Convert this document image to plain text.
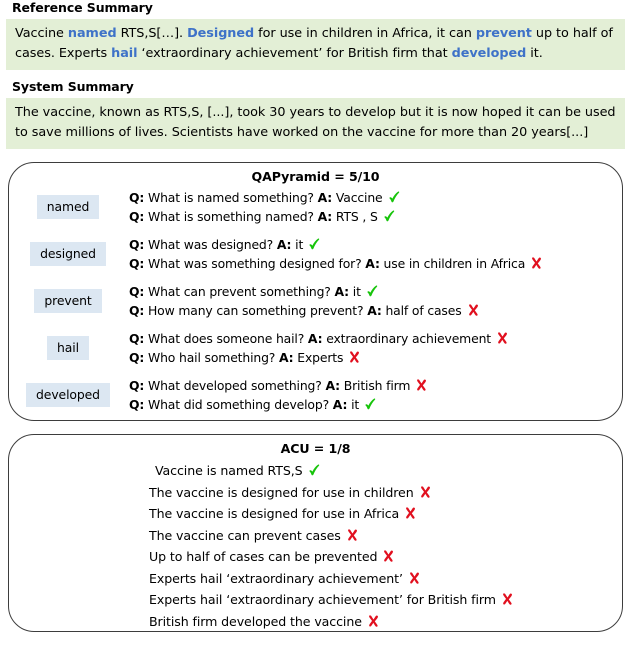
Reference Summary
Vaccine named RTS,S[…]. Designed for use in children in Africa, it can prevent up to half of cases. Experts hail ‘extraordinary achievement’ for British firm that developed it.
System Summary
The vaccine, known as RTS,S, [...], took 30 years to develop but it is now hoped it can be used to save millions of lives. Scientists have worked on the vaccine for more than 20 years[...]
QAPyramid = 5/10
named
Q: What is named something? A: Vaccine
Q: What is something named? A: RTS , S
designed
Q: What was designed? A: it
Q: What was something designed for? A: use in children in Africa
prevent
Q: What can prevent something? A: it
Q: How many can something prevent? A: half of cases
hail
Q: What does someone hail? A: extraordinary achievement
Q: Who hail something? A: Experts
developed
Q: What developed something? A: British firm
Q: What did something develop? A: it
ACU = 1/8
Vaccine is named RTS,S
The vaccine is designed for use in children
The vaccine is designed for use in Africa
The vaccine can prevent cases
Up to half of cases can be prevented
Experts hail ‘extraordinary achievement’
Experts hail ‘extraordinary achievement’ for British firm
British firm developed the vaccine
